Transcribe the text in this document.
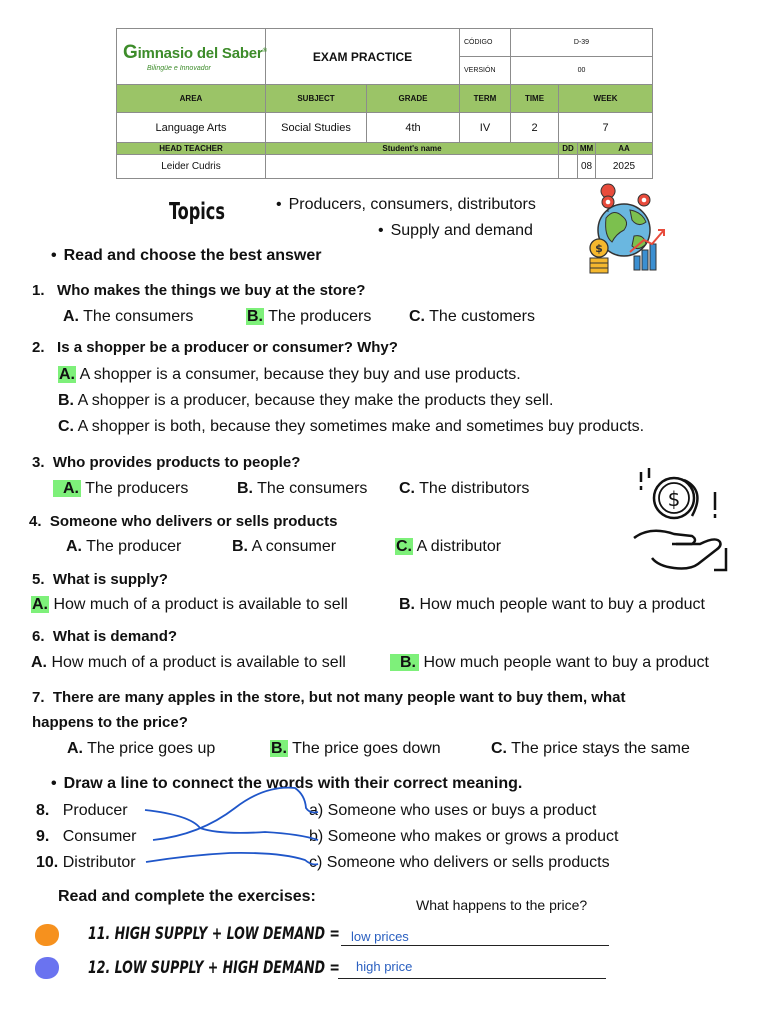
Gimnasio del Saber®
Bilingüe e Innovador	EXAM PRACTICE		CÓDIGO	D-39			
			VERSIÓN	00			
AREA	SUBJECT	GRADE	TERM	TIME	WEEK		
Language Arts	Social Studies	4th	IV	2	7		
HEAD TEACHER	Student's name				DD	MM	AA
Leider Cudris						08	2025
Topics	• Producers, consumers, distributors
• Supply and demand
$
• Read and choose the best answer
1. Who makes the things we buy at the store?
A. The consumers	B. The producers C. The customers
2. Is a shopper be a producer or consumer? Why?
A. A shopper is a consumer, because they buy and use products.
B. A shopper is a producer, because they make the products they sell.
C. A shopper is both, because they sometimes make and sometimes buy products.
3. Who provides products to people?
A. The producers	B. The consumers C. The distributors	$
4. Someone who delivers or sells products
A. The producer	B. A consumer	C. A distributor
5. What is supply?
A. How much of a product is available to sell	B. How much people want to buy a product
6. What is demand?
A. How much of a product is available to sell	B. How much people want to buy a product
7. There are many apples in the store, but not many people want to buy them, what
happens to the price?
A. The price goes up	B. The price goes down	C. The price stays the same
• Draw a line to connect the words with their correct meaning.
8. Producer
9. Consumer
10. Distributor
a) Someone who uses or buys a product
b) Someone who makes or grows a product
c) Someone who delivers or sells products
Read and complete the exercises:	What happens to the price?
11. HIGH SUPPLY + LOW DEMAND = low prices
12. LOW SUPPLY + HIGH DEMAND = high price
